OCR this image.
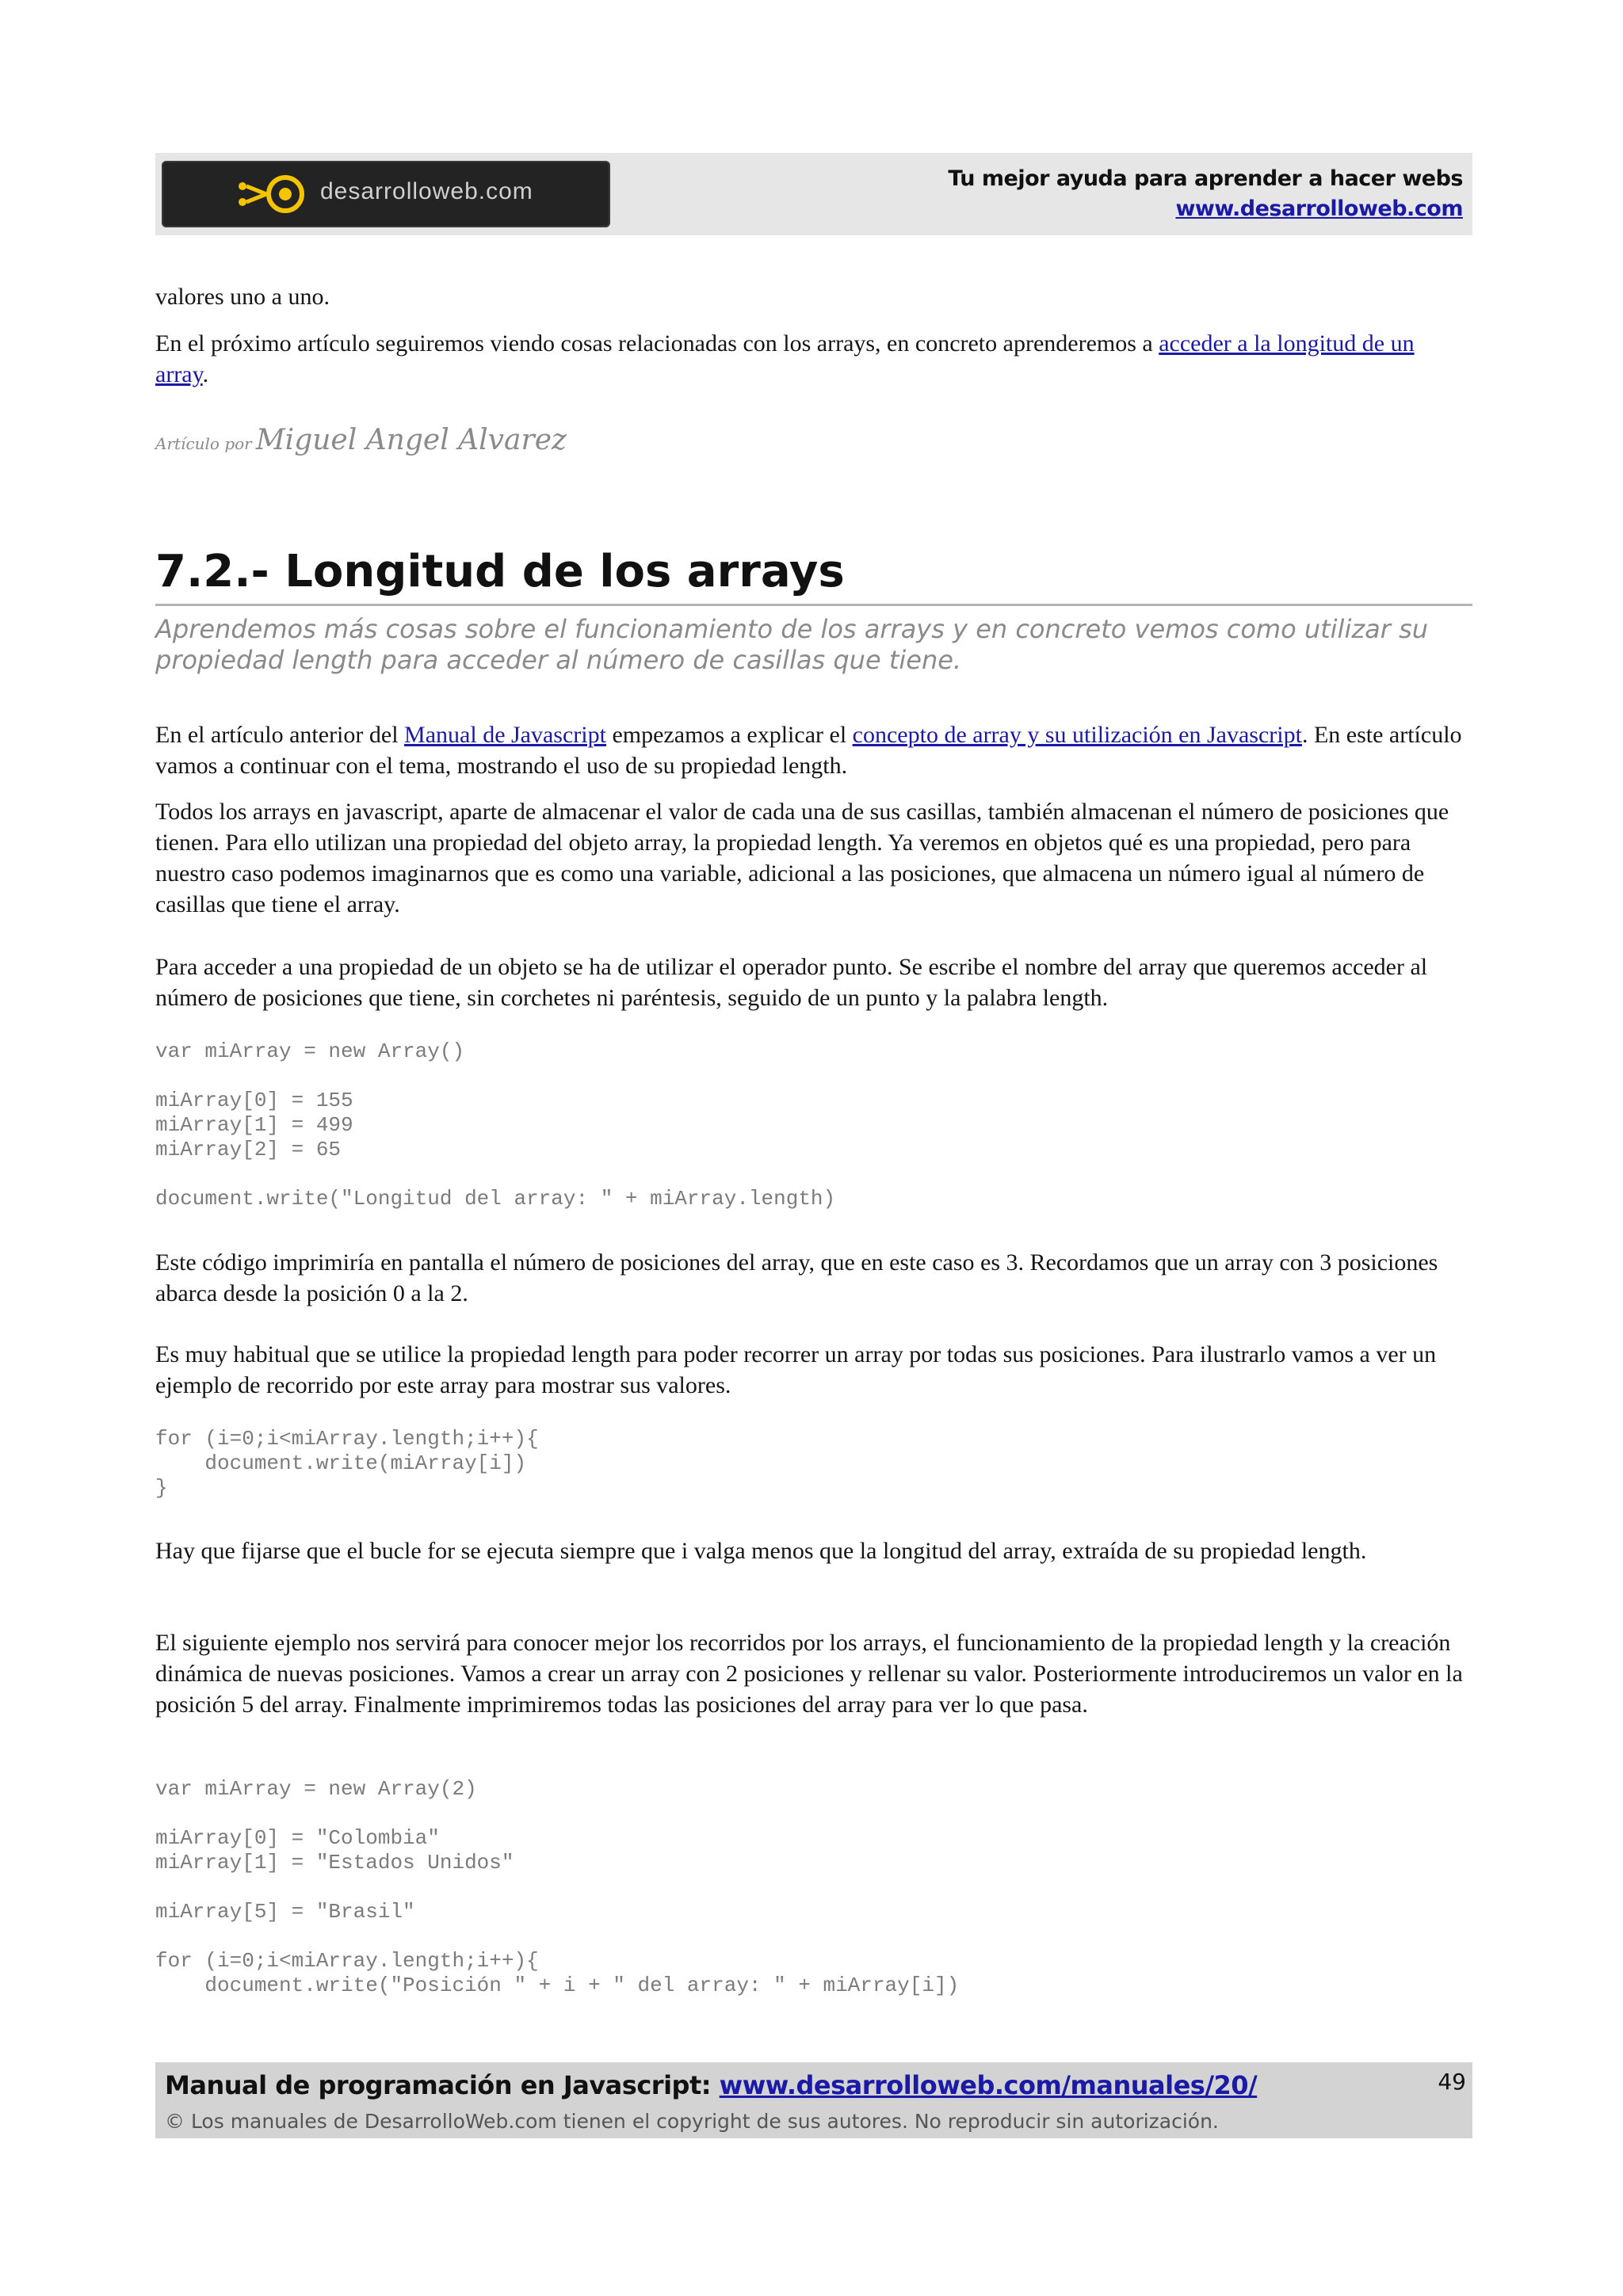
desarrolloweb.com	Tu mejor ayuda para aprender a hacer webs
www.desarrolloweb.com
valores uno a uno.
En el próximo artículo seguiremos viendo cosas relacionadas con los arrays, en concreto aprenderemos a acceder a la longitud de un array.
Artículo por Miguel Angel Alvarez
7.2.- Longitud de los arrays
Aprendemos más cosas sobre el funcionamiento de los arrays y en concreto vemos como utilizar su propiedad length para acceder al número de casillas que tiene.
En el artículo anterior del Manual de Javascript empezamos a explicar el concepto de array y su utilización en Javascript. En este artículo vamos a continuar con el tema, mostrando el uso de su propiedad length.
Todos los arrays en javascript, aparte de almacenar el valor de cada una de sus casillas, también almacenan el número de posiciones que tienen. Para ello utilizan una propiedad del objeto array, la propiedad length. Ya veremos en objetos qué es una propiedad, pero para nuestro caso podemos imaginarnos que es como una variable, adicional a las posiciones, que almacena un número igual al número de casillas que tiene el array.
Para acceder a una propiedad de un objeto se ha de utilizar el operador punto. Se escribe el nombre del array que queremos acceder al número de posiciones que tiene, sin corchetes ni paréntesis, seguido de un punto y la palabra length.
var miArray = new Array()

miArray[0] = 155
miArray[1] = 499
miArray[2] = 65

document.write("Longitud del array: " + miArray.length)
Este código imprimiría en pantalla el número de posiciones del array, que en este caso es 3. Recordamos que un array con 3 posiciones abarca desde la posición 0 a la 2.
Es muy habitual que se utilice la propiedad length para poder recorrer un array por todas sus posiciones. Para ilustrarlo vamos a ver un ejemplo de recorrido por este array para mostrar sus valores.
for (i=0;i<miArray.length;i++){
document.write(miArray[i])
}
Hay que fijarse que el bucle for se ejecuta siempre que i valga menos que la longitud del array, extraída de su propiedad length.
El siguiente ejemplo nos servirá para conocer mejor los recorridos por los arrays, el funcionamiento de la propiedad length y la creación dinámica de nuevas posiciones. Vamos a crear un array con 2 posiciones y rellenar su valor. Posteriormente introduciremos un valor en la posición 5 del array. Finalmente imprimiremos todas las posiciones del array para ver lo que pasa.
var miArray = new Array(2)

miArray[0] = "Colombia"
miArray[1] = "Estados Unidos"

miArray[5] = "Brasil"

for (i=0;i<miArray.length;i++){
document.write("Posición " + i + " del array: " + miArray[i])
Manual de programación en Javascript: www.desarrolloweb.com/manuales/20/
© Los manuales de DesarrolloWeb.com tienen el copyright de sus autores. No reproducir sin autorización.
49
